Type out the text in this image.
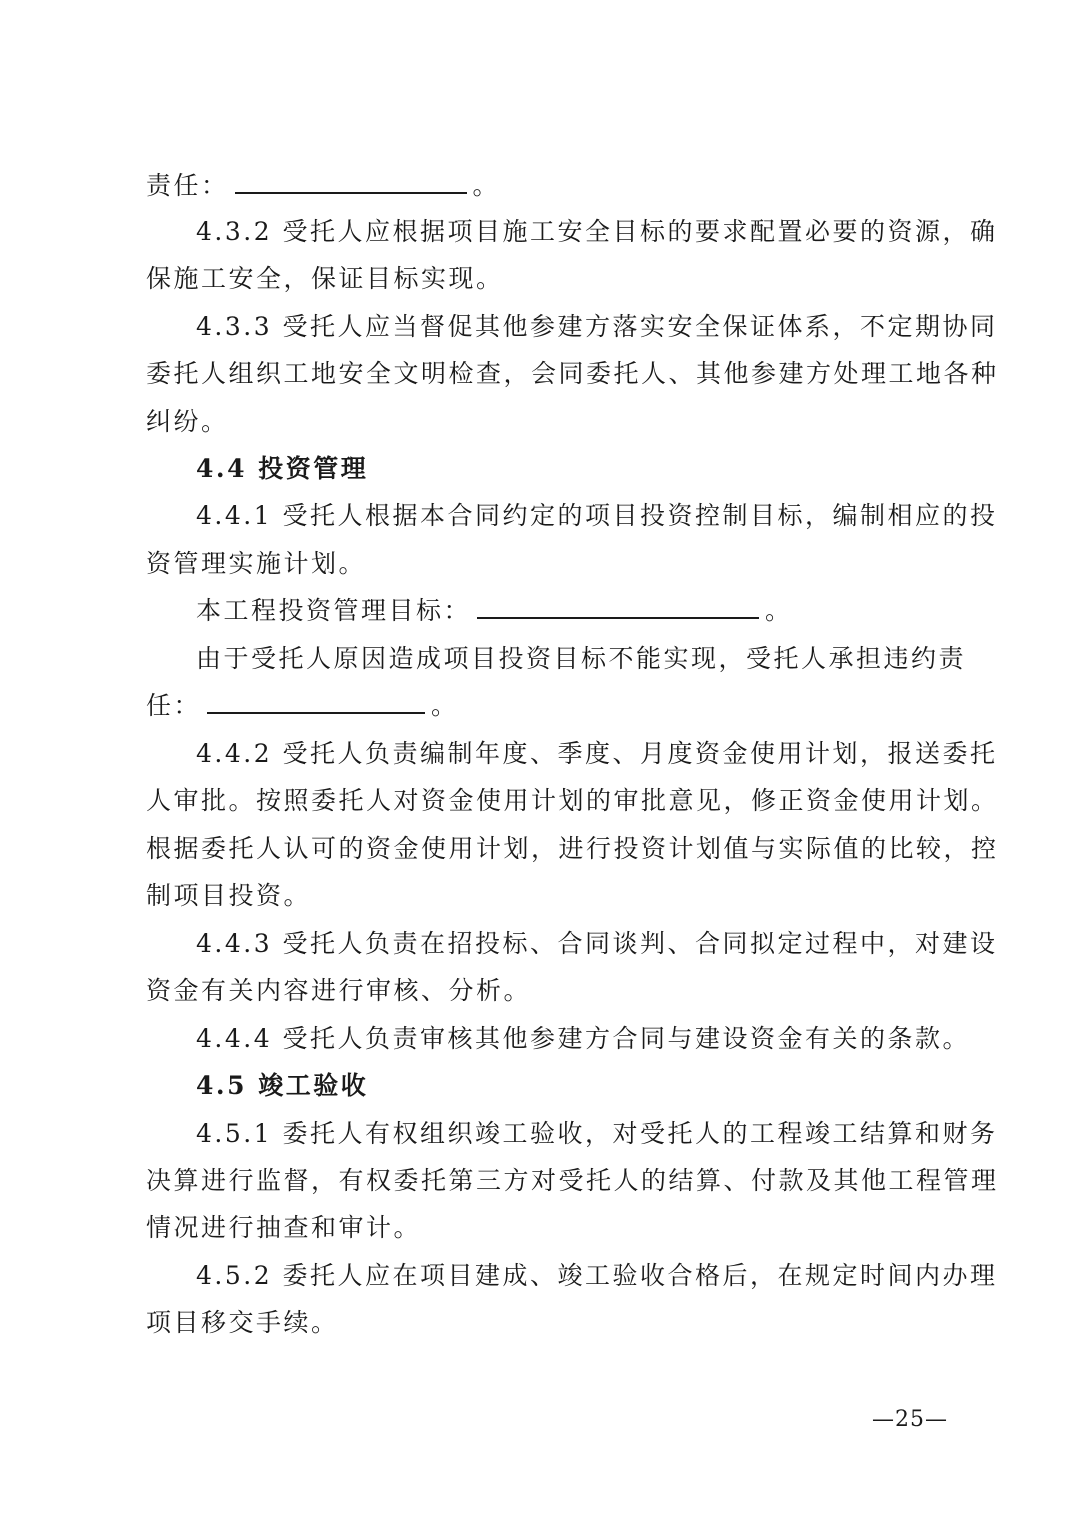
责任：	。
4.3.2 受托人应根据项目施工安全目标的要求配置必要的资源，确
保施工安全，保证目标实现。
4.3.3 受托人应当督促其他参建方落实安全保证体系，不定期协同
委托人组织工地安全文明检查，会同委托人、其他参建方处理工地各种
纠纷。
4.4 投资管理
4.4.1 受托人根据本合同约定的项目投资控制目标，编制相应的投
资管理实施计划。
本工程投资管理目标：	。
由于受托人原因造成项目投资目标不能实现，受托人承担违约责
任：	。
4.4.2 受托人负责编制年度、季度、月度资金使用计划，报送委托
人审批。按照委托人对资金使用计划的审批意见，修正资金使用计划。
根据委托人认可的资金使用计划，进行投资计划值与实际值的比较，控
制项目投资。
4.4.3 受托人负责在招投标、合同谈判、合同拟定过程中，对建设
资金有关内容进行审核、分析。
4.4.4 受托人负责审核其他参建方合同与建设资金有关的条款。
4.5 竣工验收
4.5.1 委托人有权组织竣工验收，对受托人的工程竣工结算和财务
决算进行监督，有权委托第三方对受托人的结算、付款及其他工程管理
情况进行抽查和审计。
4.5.2 委托人应在项目建成、竣工验收合格后，在规定时间内办理
项目移交手续。
—25—
